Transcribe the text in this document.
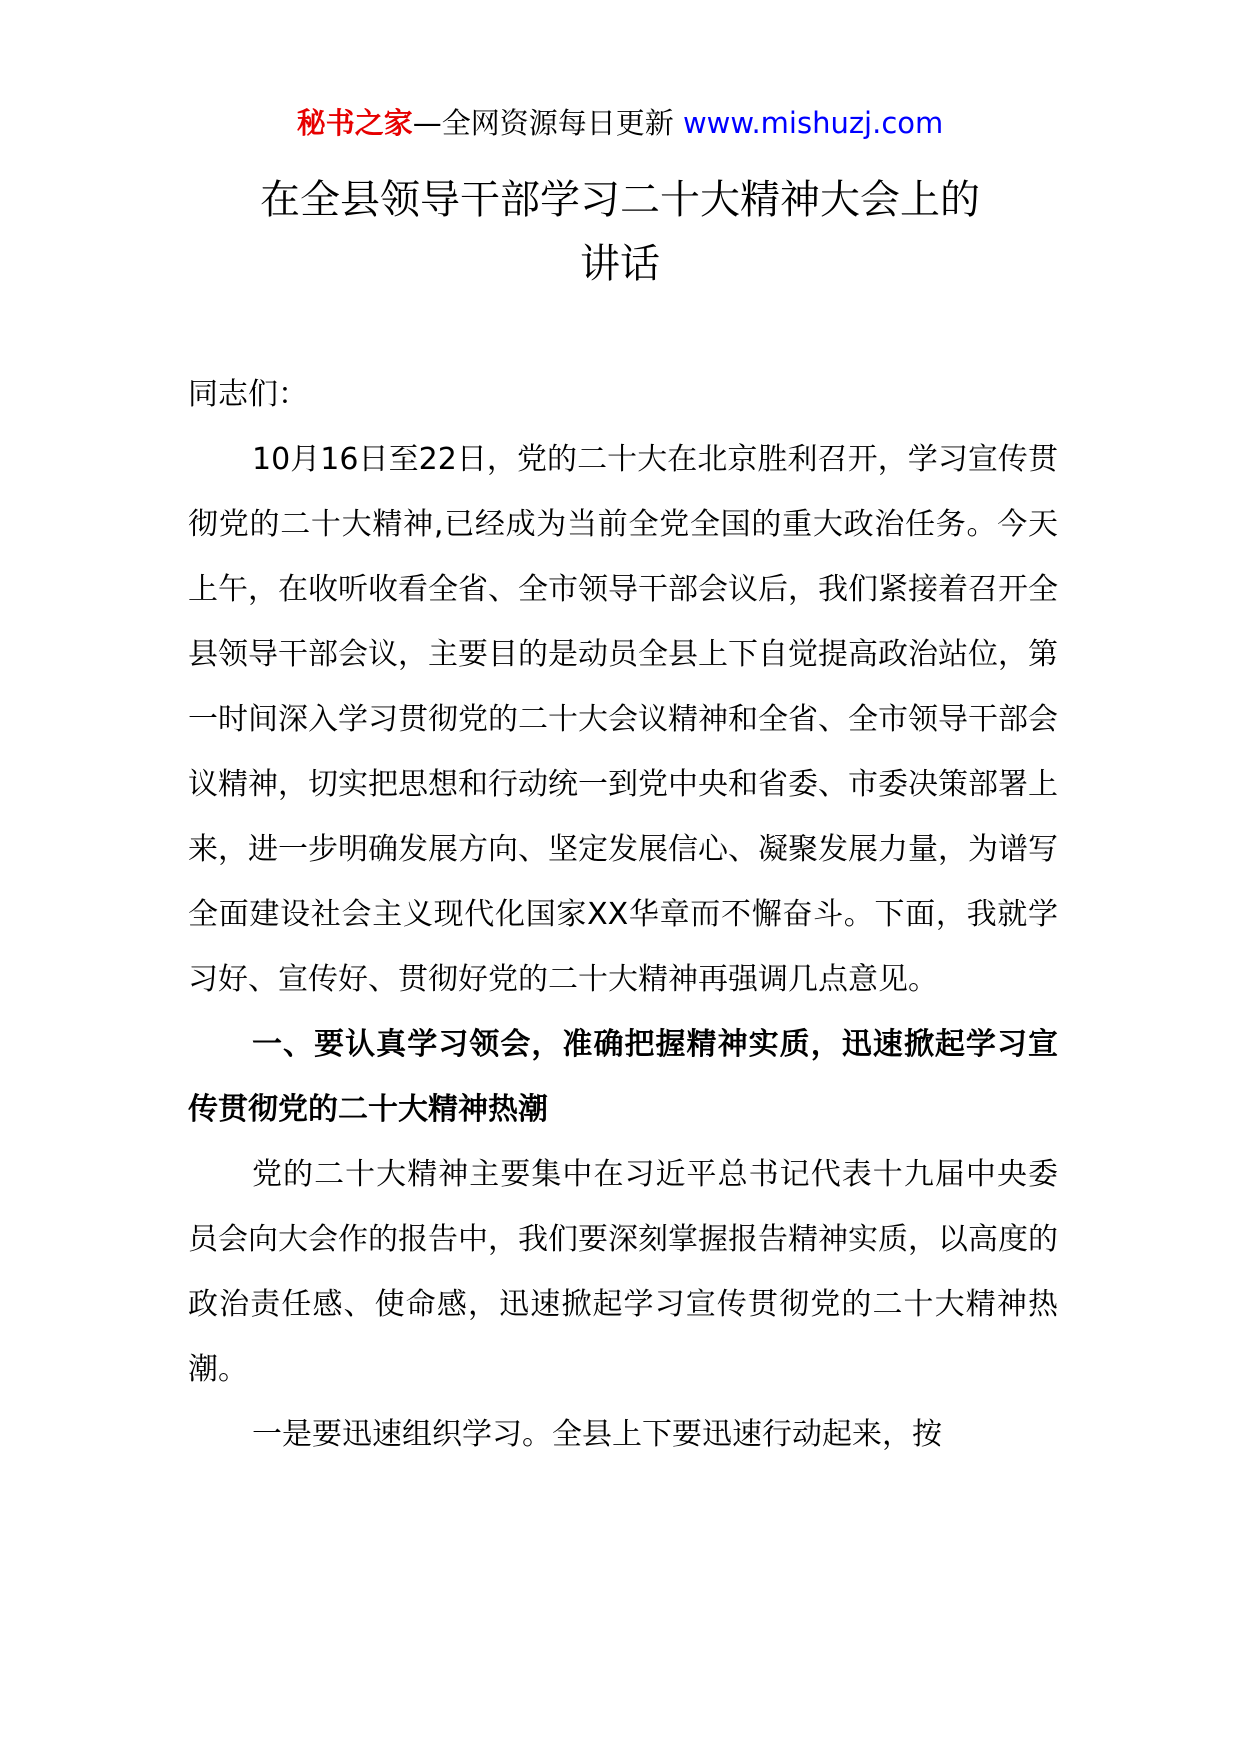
秘书之家—全网资源每日更新 www.mishuzj.com
在全县领导干部学习二十大精神大会上的
讲话

同志们：

10月16日至22日，党的二十大在北京胜利召开，学习宣传贯彻党的二十大精神,已经成为当前全党全国的重大政治任务。今天上午，在收听收看全省、全市领导干部会议后，我们紧接着召开全县领导干部会议，主要目的是动员全县上下自觉提高政治站位，第一时间深入学习贯彻党的二十大会议精神和全省、全市领导干部会议精神，切实把思想和行动统一到党中央和省委、市委决策部署上来，进一步明确发展方向、坚定发展信心、凝聚发展力量，为谱写全面建设社会主义现代化国家XX华章而不懈奋斗。下面，我就学习好、宣传好、贯彻好党的二十大精神再强调几点意见。

一、要认真学习领会，准确把握精神实质，迅速掀起学习宣传贯彻党的二十大精神热潮

党的二十大精神主要集中在习近平总书记代表十九届中央委员会向大会作的报告中，我们要深刻掌握报告精神实质，以高度的政治责任感、使命感，迅速掀起学习宣传贯彻党的二十大精神热潮。

一是要迅速组织学习。全县上下要迅速行动起来，按
